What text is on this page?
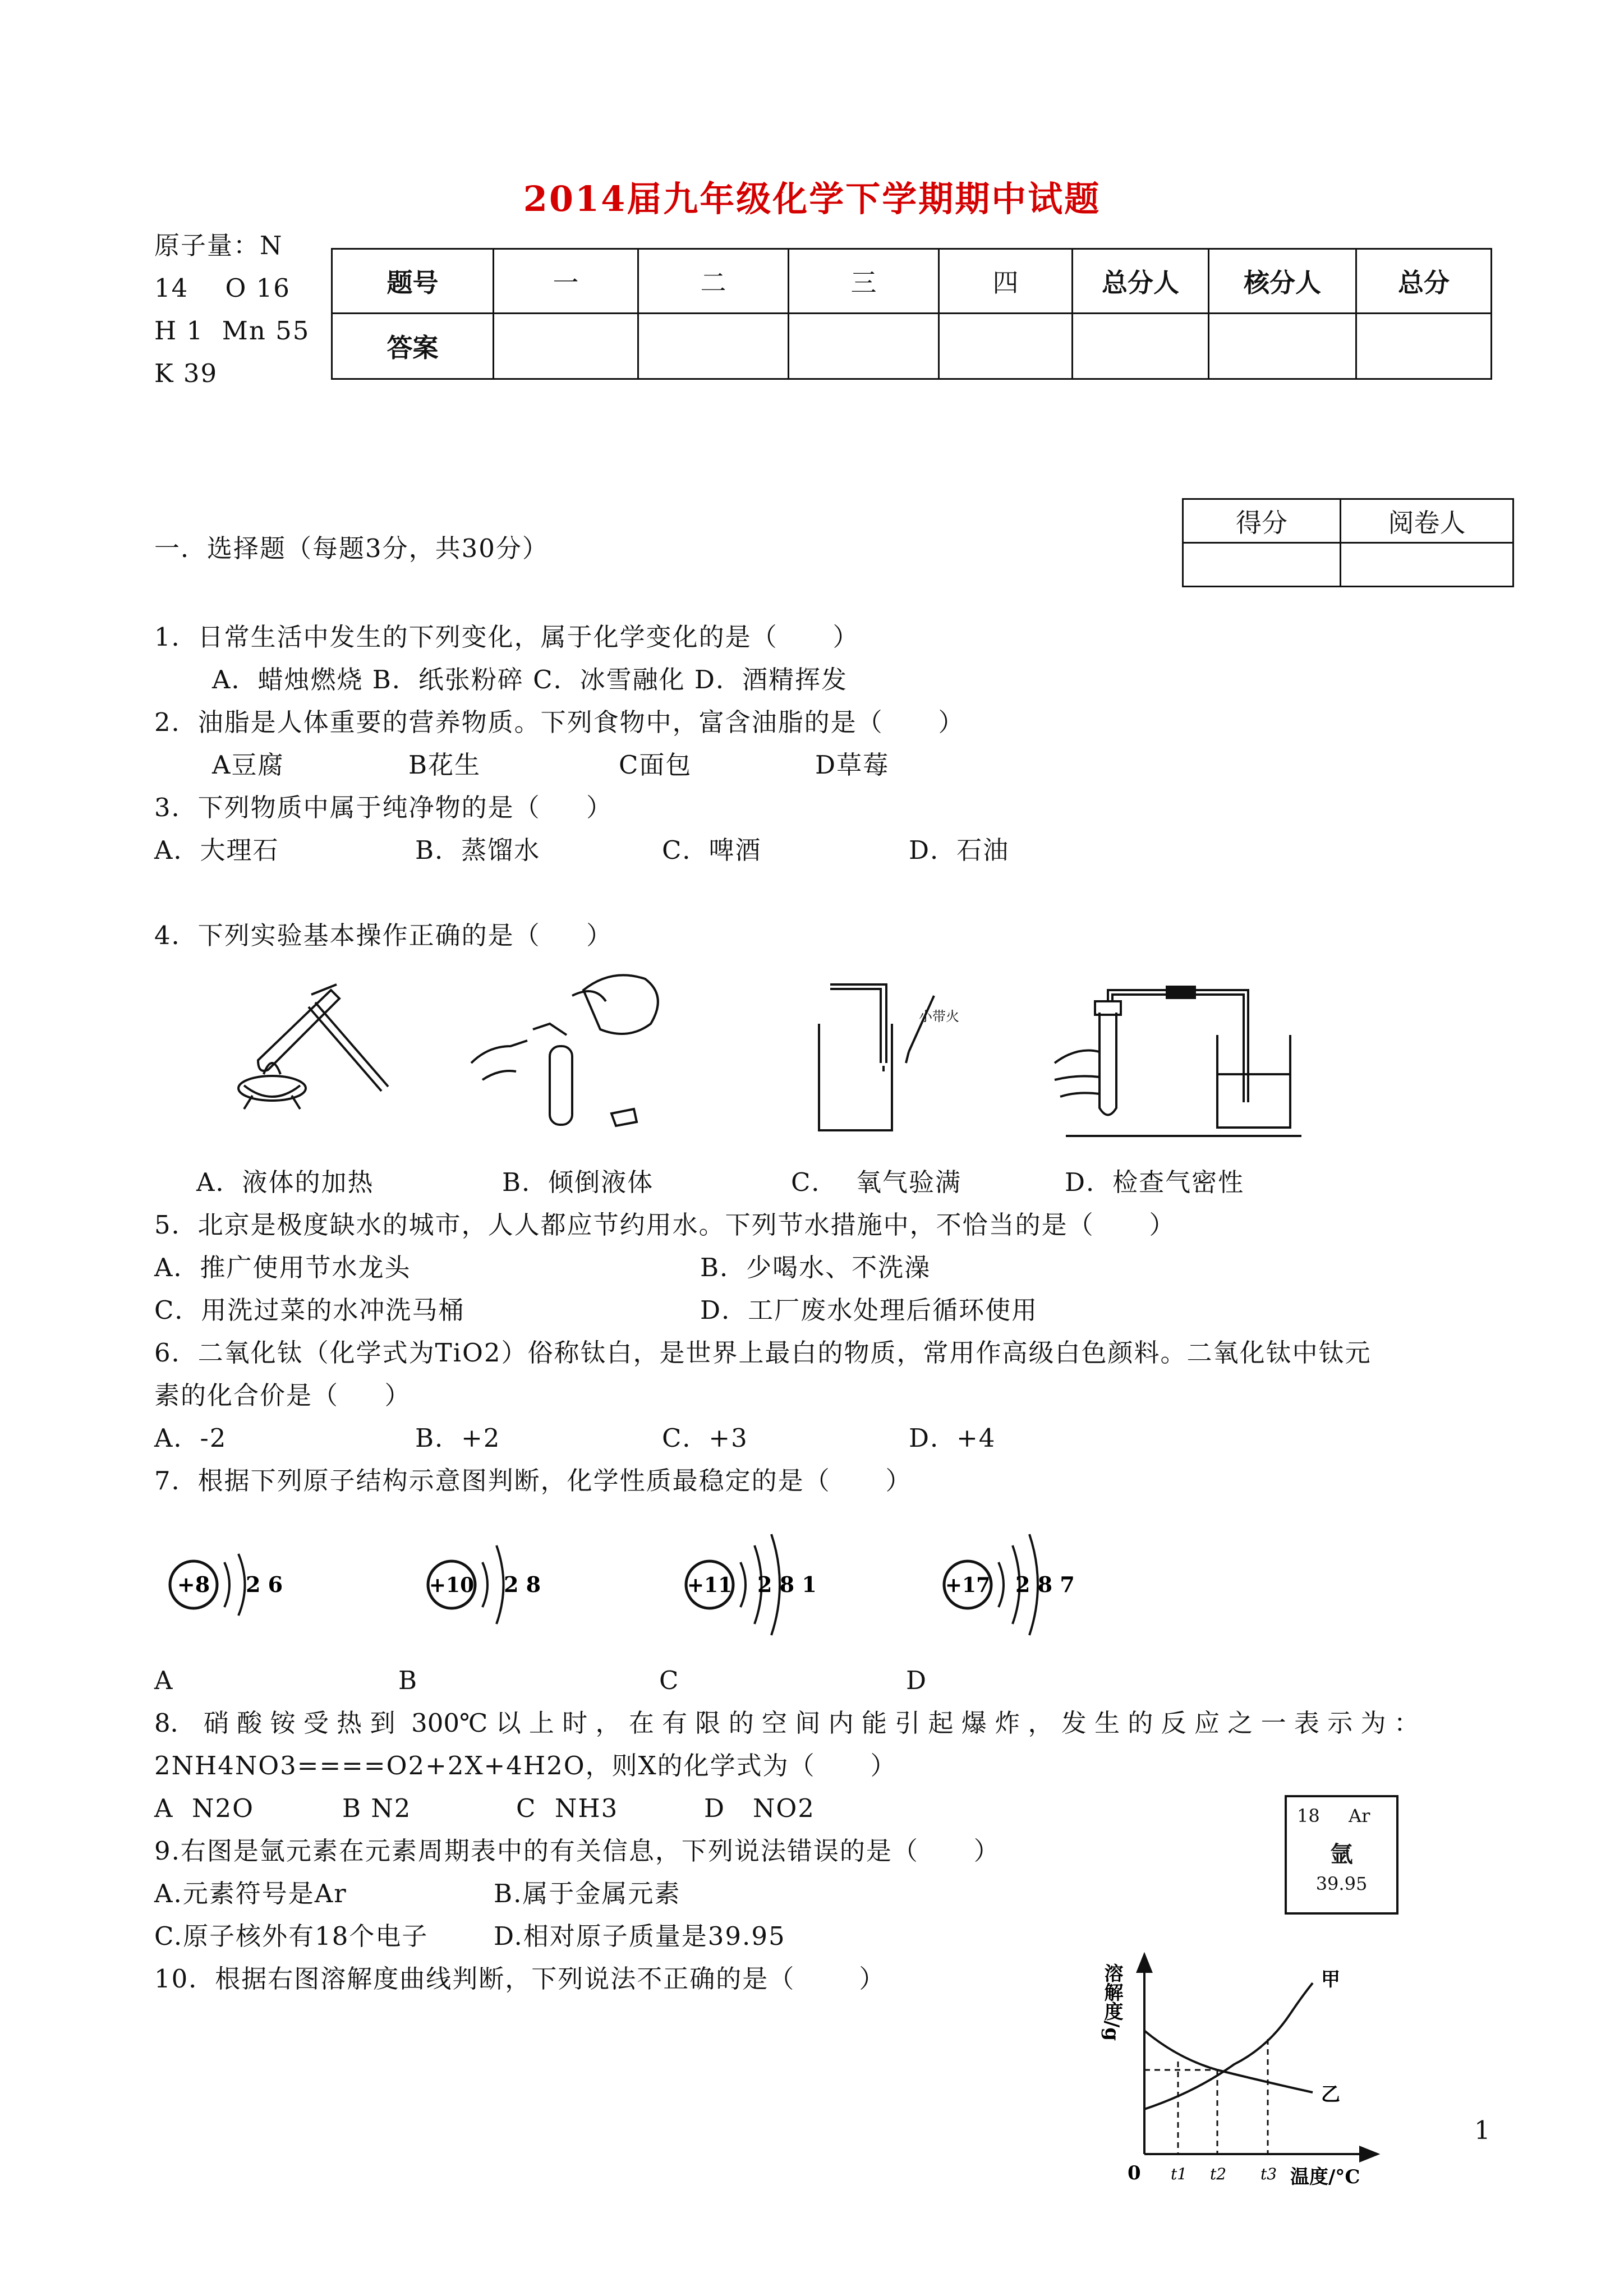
2014届九年级化学下学期期中试题
原子量：N
14    O 16
H 1  Mn 55
K 39
题号	一	二	三	四	总分人	核分人	总分
答案							
得分	阅卷人

一．选择题（每题3分，共30分）
1．日常生活中发生的下列变化，属于化学变化的是（      ）
A．蜡烛燃烧 B．纸张粉碎 C．冰雪融化 D．酒精挥发
2．油脂是人体重要的营养物质。下列食物中，富含油脂的是（      ）
A豆腐	B花生	C面包	D草莓
3．下列物质中属于纯净物的是（     ）
A．大理石	B．蒸馏水	C．啤酒	D．石油
4．下列实验基本操作正确的是（     ）
小带火
A．液体的加热	B．倾倒液体	C．  氧气验满	D．检查气密性
5．北京是极度缺水的城市，人人都应节约用水。下列节水措施中，不恰当的是（      ）
A．推广使用节水龙头	B．少喝水、不洗澡
C．用洗过菜的水冲洗马桶	D．工厂废水处理后循环使用
6．二氧化钛（化学式为TiO2）俗称钛白，是世界上最白的物质，常用作高级白色颜料。二氧化钛中钛元
素的化合价是（     ）
A．-2	B．+2	C．+3	D．+4
7．根据下列原子结构示意图判断，化学性质最稳定的是（      ）
+8 2 6	+10 2 8	+11 2 8 1	+17 2 8 7
A	B	C	D
8． 硝 酸 铵 受 热 到  300℃ 以 上 时 ， 在 有 限 的 空 间 内 能 引 起 爆 炸 ， 发 生 的 反 应 之 一 表 示 为 ：
2NH4NO3====O2+2X+4H2O，则X的化学式为（      ）
A  N2O	B N2	C  NH3	D   NO2	18 Ar
氩
39.95
9.右图是氩元素在元素周期表中的有关信息，下列说法错误的是（      ）
A.元素符号是Ar	B.属于金属元素
C.原子核外有18个电子	D.相对原子质量是39.95
10．根据右图溶解度曲线判断，下列说法不正确的是（       ）	溶解度/g
0 t1 t2 t3 温度/°C
甲
乙
1
